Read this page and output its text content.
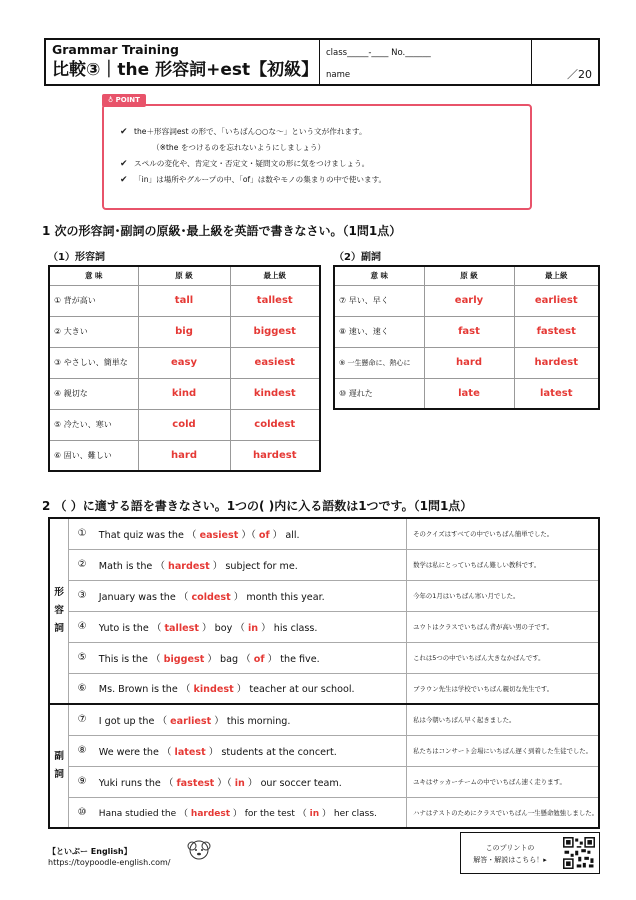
Grammar Training
比較③｜the 形容詞+est【初級】
class_____-____ No.______
name	／20
✔ the＋形容詞est の形で、「いちばん○○な～」という文が作れます。
（※the をつけるのを忘れないようにしましょう）
✔ スペルの変化や、肯定文・否定文・疑問文の形に気をつけましょう。
✔ 「in」は場所やグループの中、「of」は数やモノの集まりの中で使います。
♁ POINT
1 次の形容詞･副詞の原級･最上級を英語で書きなさい。（1問1点）
（1）形容詞	（2）副詞
意 味	原 級	最上級
① 背が高い	tall	tallest
② 大きい	big	biggest
③ やさしい、簡単な	easy	easiest
④ 親切な	kind	kindest
⑤ 冷たい、寒い	cold	coldest
⑥ 固い、難しい	hard	hardest
意 味	原 級	最上級
⑦ 早い、早く	early	earliest
⑧ 速い、速く	fast	fastest
⑨ 一生懸命に、熱心に	hard	hardest
⑩ 遅れた	late	latest
2 （ ）に適する語を書きなさい。1つの( )内に入る語数は1つです。（1問1点）
形
容
詞	①	That quiz was the （ easiest ）（ of ） all.	そのクイズはすべての中でいちばん簡単でした。
	②	Math is the （ hardest ） subject for me.	数学は私にとっていちばん難しい教科です。
	③	January was the （ coldest ） month this year.	今年の1月はいちばん寒い月でした。
	④	Yuto is the （ tallest ） boy （ in ） his class.	ユウトはクラスでいちばん背が高い男の子です。
	⑤	This is the （ biggest ） bag （ of ） the five.	これは5つの中でいちばん大きなかばんです。
	⑥	Ms. Brown is the （ kindest ） teacher at our school.	ブラウン先生は学校でいちばん親切な先生です。

副
詞	⑦	I got up the （ earliest ） this morning.	私は今朝いちばん早く起きました。
	⑧	We were the （ latest ） students at the concert.	私たちはコンサート会場にいちばん遅く到着した生徒でした。
	⑨	Yuki runs the （ fastest ）（ in ） our soccer team.	ユキはサッカーチームの中でいちばん速く走ります。
	⑩	Hana studied the （ hardest ） for the test （ in ） her class.	ハナはテストのためにクラスでいちばん一生懸命勉強しました。
【といぷー English】
https://toypoodle-english.com/
このプリントの
解答・解説はこちら！▸
